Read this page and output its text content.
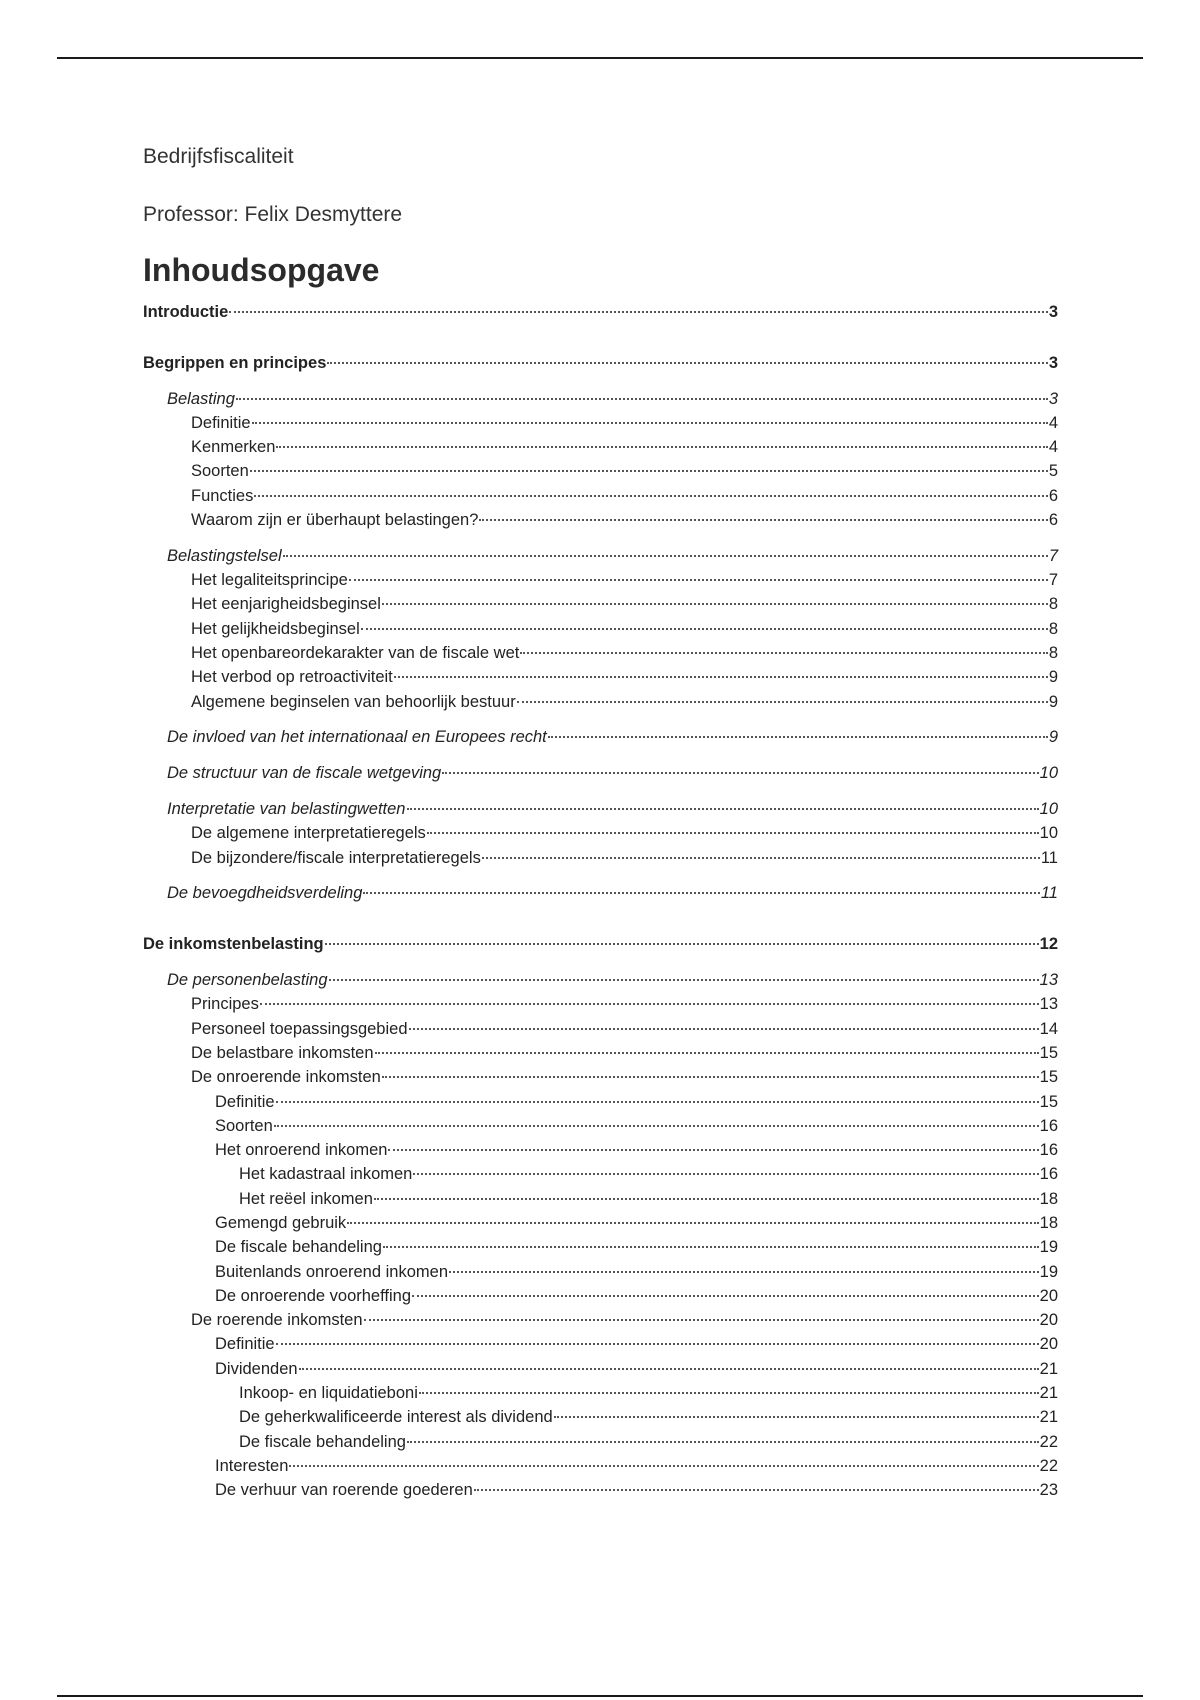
Bedrijfsfiscaliteit

Professor: Felix Desmyttere

Inhoudsopgave
Introductie	3
Begrippen en principes	3
Belasting	3
Definitie	4
Kenmerken	4
Soorten	5
Functies	6
Waarom zijn er überhaupt belastingen?	6
Belastingstelsel	7
Het legaliteitsprincipe	7
Het eenjarigheidsbeginsel	8
Het gelijkheidsbeginsel	8
Het openbareordekarakter van de fiscale wet	8
Het verbod op retroactiviteit	9
Algemene beginselen van behoorlijk bestuur	9
De invloed van het internationaal en Europees recht	9
De structuur van de fiscale wetgeving	10
Interpretatie van belastingwetten	10
De algemene interpretatieregels	10
De bijzondere/fiscale interpretatieregels	11
De bevoegdheidsverdeling	11
De inkomstenbelasting	12
De personenbelasting	13
Principes	13
Personeel toepassingsgebied	14
De belastbare inkomsten	15
De onroerende inkomsten	15
Definitie	15
Soorten	16
Het onroerend inkomen	16
Het kadastraal inkomen	16
Het reëel inkomen	18
Gemengd gebruik	18
De fiscale behandeling	19
Buitenlands onroerend inkomen	19
De onroerende voorheffing	20
De roerende inkomsten	20
Definitie	20
Dividenden	21
Inkoop- en liquidatieboni	21
De geherkwalificeerde interest als dividend	21
De fiscale behandeling	22
Interesten	22
De verhuur van roerende goederen	23
